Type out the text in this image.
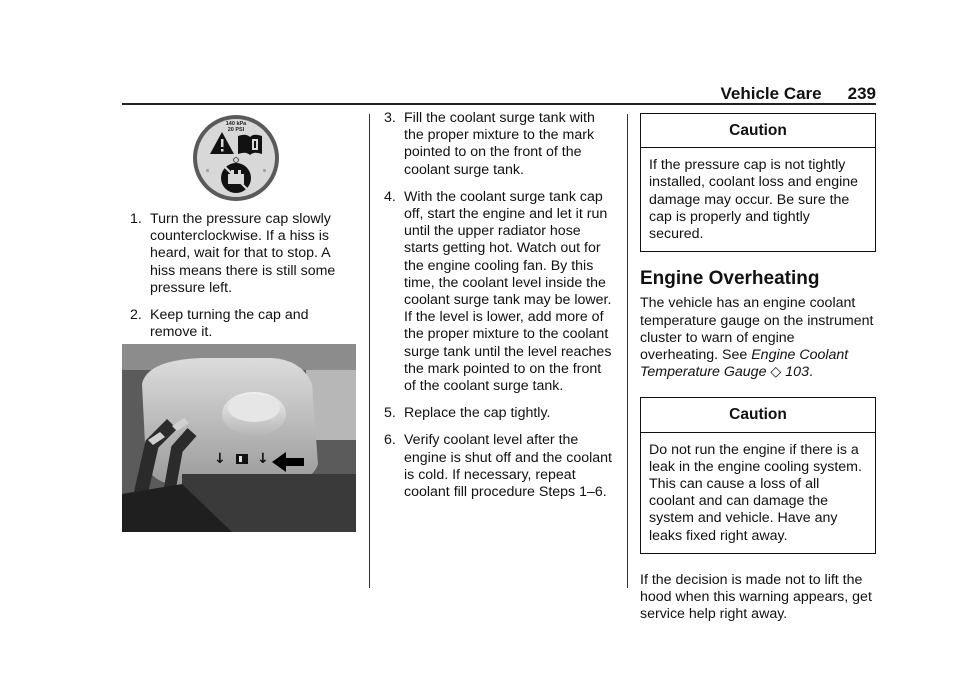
Vehicle Care 239
140 kPa
20 PSI
S	S
1. Turn the pressure cap slowly counterclockwise. If a hiss is heard, wait for that to stop. A hiss means there is still some pressure left.
2. Keep turning the cap and remove it.
↓ ↓
3. Fill the coolant surge tank with the proper mixture to the mark pointed to on the front of the coolant surge tank.
4. With the coolant surge tank cap off, start the engine and let it run until the upper radiator hose starts getting hot. Watch out for the engine cooling fan. By this time, the coolant level inside the coolant surge tank may be lower. If the level is lower, add more of the proper mixture to the coolant surge tank until the level reaches the mark pointed to on the front of the coolant surge tank.
5. Replace the cap tightly.
6. Verify coolant level after the engine is shut off and the coolant is cold. If necessary, repeat coolant fill procedure Steps 1–6.
Caution
If the pressure cap is not tightly installed, coolant loss and engine damage may occur. Be sure the cap is properly and tightly secured.
Engine Overheating
The vehicle has an engine coolant temperature gauge on the instrument cluster to warn of engine overheating. See Engine Coolant Temperature Gauge ◇ 103.
Caution
Do not run the engine if there is a leak in the engine cooling system. This can cause a loss of all coolant and can damage the system and vehicle. Have any leaks fixed right away.
If the decision is made not to lift the hood when this warning appears, get service help right away.
